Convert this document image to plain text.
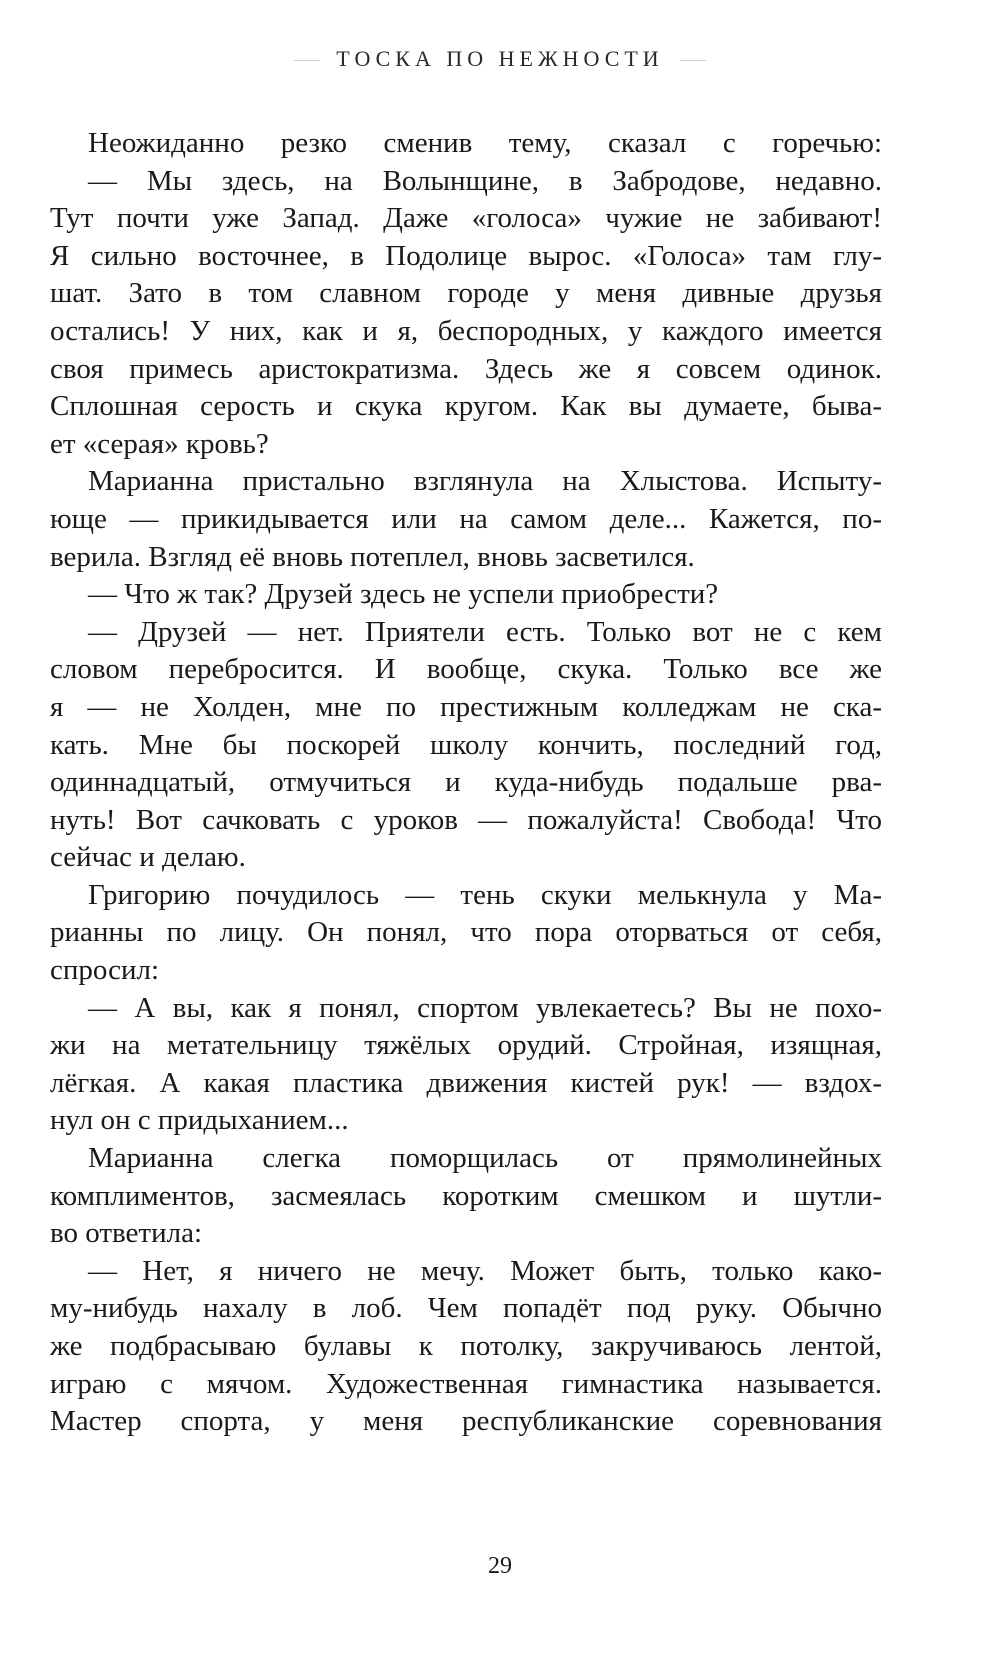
ТОСКА ПО НЕЖНОСТИ
Неожиданно резко сменив тему, сказал с горечью:
— Мы здесь, на Волынщине, в Забродове, недавно.
Тут почти уже Запад. Даже «голоса» чужие не забивают!
Я сильно восточнее, в Подолице вырос. «Голоса» там глу-
шат. Зато в том славном городе у меня дивные друзья
остались! У них, как и я, беспородных, у каждого имеется
своя примесь аристократизма. Здесь же я совсем одинок.
Сплошная серость и скука кругом. Как вы думаете, быва-
ет «серая» кровь?
Марианна пристально взглянула на Хлыстова. Испыту-
юще — прикидывается или на самом деле... Кажется, по-
верила. Взгляд её вновь потеплел, вновь засветился.
— Что ж так? Друзей здесь не успели приобрести?
— Друзей — нет. Приятели есть. Только вот не с кем
словом перебросится. И вообще, скука. Только все же
я — не Холден, мне по престижным колледжам не ска-
кать. Мне бы поскорей школу кончить, последний год,
одиннадцатый, отмучиться и куда-нибудь подальше рва-
нуть! Вот сачковать с уроков — пожалуйста! Свобода! Что
сейчас и делаю.
Григорию почудилось — тень скуки мелькнула у Ма-
рианны по лицу. Он понял, что пора оторваться от себя,
спросил:
— А вы, как я понял, спортом увлекаетесь? Вы не похо-
жи на метательницу тяжёлых орудий. Стройная, изящная,
лёгкая. А какая пластика движения кистей рук! — вздох-
нул он с придыханием...
Марианна слегка поморщилась от прямолинейных
комплиментов, засмеялась коротким смешком и шутли-
во ответила:
— Нет, я ничего не мечу. Может быть, только како-
му-нибудь нахалу в лоб. Чем попадёт под руку. Обычно
же подбрасываю булавы к потолку, закручиваюсь лентой,
играю с мячом. Художественная гимнастика называется.
Мастер спорта, у меня республиканские соревнования
29
